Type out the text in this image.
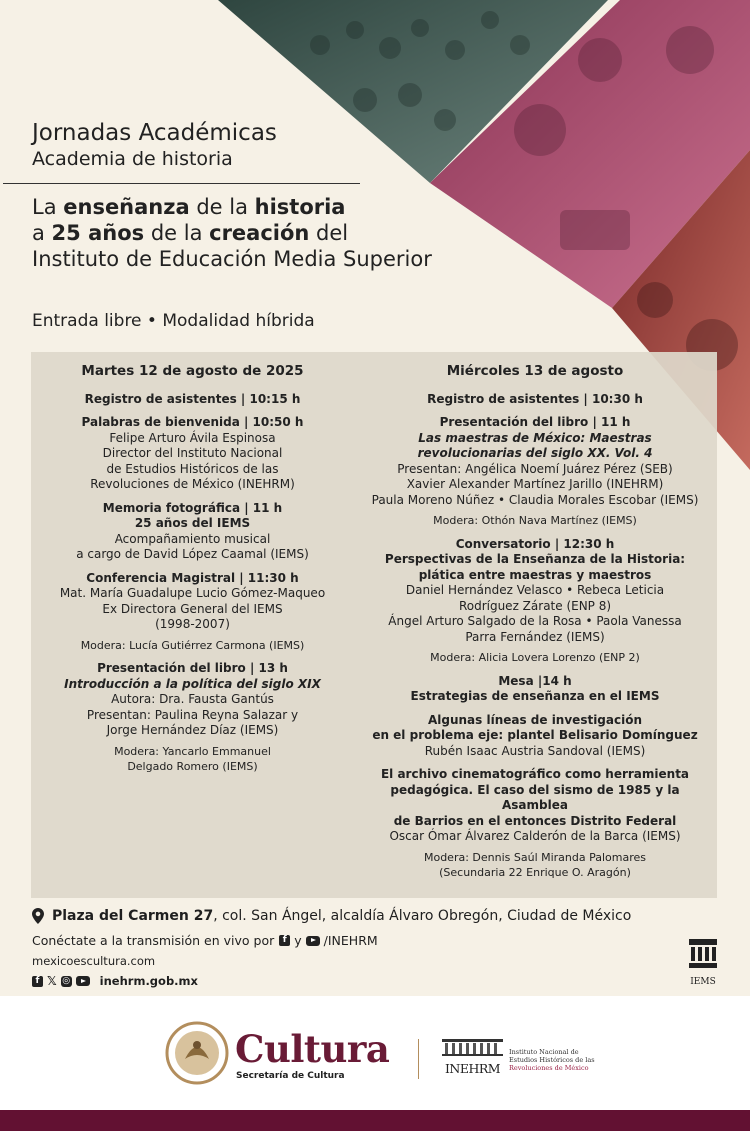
Jornadas Académicas
Academia de historia
La enseñanza de la historia
a 25 años de la creación del
Instituto de Educación Media Superior
Entrada libre • Modalidad híbrida
Martes 12 de agosto de 2025
Registro de asistentes | 10:15 h
Palabras de bienvenida | 10:50 h
Felipe Arturo Ávila Espinosa
Director del Instituto Nacional
de Estudios Históricos de las
Revoluciones de México (INEHRM)
Memoria fotográfica | 11 h
25 años del IEMS
Acompañamiento musical
a cargo de David López Caamal (IEMS)
Conferencia Magistral | 11:30 h
Mat. María Guadalupe Lucio Gómez-Maqueo
Ex Directora General del IEMS
(1998-2007)
Modera: Lucía Gutiérrez Carmona (IEMS)
Presentación del libro | 13 h
Introducción a la política del siglo XIX
Autora: Dra. Fausta Gantús
Presentan: Paulina Reyna Salazar y
Jorge Hernández Díaz (IEMS)
Modera: Yancarlo Emmanuel
Delgado Romero (IEMS)
Miércoles 13 de agosto
Registro de asistentes | 10:30 h
Presentación del libro | 11 h
Las maestras de México: Maestras
revolucionarias del siglo XX. Vol. 4
Presentan: Angélica Noemí Juárez Pérez (SEB)
Xavier Alexander Martínez Jarillo (INEHRM)
Paula Moreno Núñez • Claudia Morales Escobar (IEMS)
Modera: Othón Nava Martínez (IEMS)
Conversatorio | 12:30 h
Perspectivas de la Enseñanza de la Historia:
plática entre maestras y maestros
Daniel Hernández Velasco • Rebeca Leticia
Rodríguez Zárate (ENP 8)
Ángel Arturo Salgado de la Rosa • Paola Vanessa
Parra Fernández (IEMS)
Modera: Alicia Lovera Lorenzo (ENP 2)
Mesa |14 h
Estrategias de enseñanza en el IEMS
Algunas líneas de investigación
en el problema eje: plantel Belisario Domínguez
Rubén Isaac Austria Sandoval (IEMS)
El archivo cinematográfico como herramienta
pedagógica. El caso del sismo de 1985 y la Asamblea
de Barrios en el entonces Distrito Federal
Oscar Ómar Álvarez Calderón de la Barca (IEMS)
Modera: Dennis Saúl Miranda Palomares
(Secundaria 22 Enrique O. Aragón)
Plaza del Carmen 27 , col. San Ángel, alcaldía Álvaro Obregón, Ciudad de México
Conéctate a la transmisión en vivo por f y /INEHRM
mexicoescultura.com
f 𝕏 ◎	inehrm.gob.mx	IEMS
Cultura
Secretaría de Cultura	INEHRM
Instituto Nacional de
Estudios Históricos de las
Revoluciones de México
